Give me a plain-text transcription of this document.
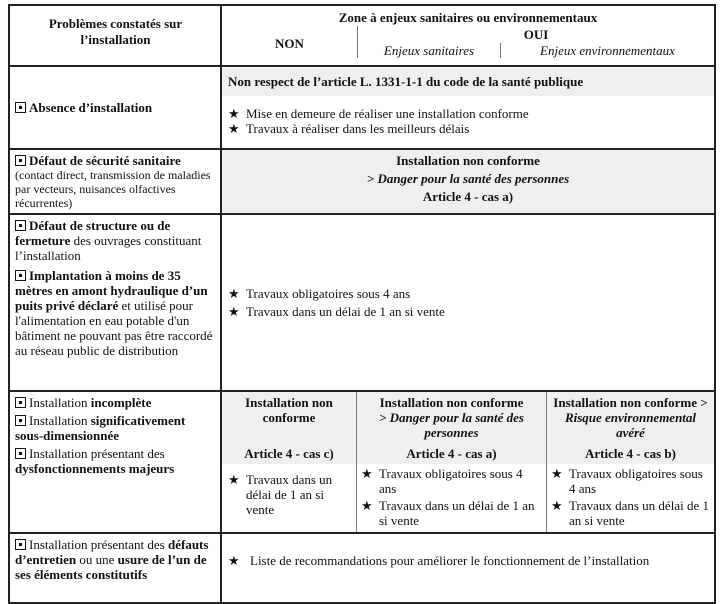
Problèmes constatés sur l’installation

Zone à enjeux sanitaires ou environnementaux

NON

OUI

Enjeux sanitaires	Enjeux environnementaux

Absence d’installation
Non respect de l’article L. 1331-1-1 du code de la santé publique

★ Mise en demeure de réaliser une installation conforme

★ Travaux à réaliser dans les meilleurs délais

Défaut de sécurité sanitaire

(contact direct, transmission de maladies par vecteurs, nuisances olfactives récurrentes)

Installation non conforme

> Danger pour la santé des personnes

Article 4 - cas a)

Défaut de structure ou de fermeture des ouvrages constituant l’installation

Implantation à moins de 35 mètres en amont hydraulique d’un puits privé déclaré et utilisé pour l'alimentation en eau potable d'un bâtiment ne pouvant pas être raccordé au réseau public de distribution

★ Travaux obligatoires sous 4 ans

★ Travaux dans un délai de 1 an si vente

Installation incomplète

Installation significativement sous-dimensionnée

Installation présentant des dysfonctionnements majeurs

Installation non conforme

Article 4 - cas c)

Installation non conforme

> Danger pour la santé des personnes

Article 4 - cas a)

Installation non conforme > Risque environnemental avéré

Article 4 - cas b)

★ Travaux dans un délai de 1 an si vente

★ Travaux obligatoires sous 4 ans

★ Travaux dans un délai de 1 an si vente

★ Travaux obligatoires sous 4 ans

★ Travaux dans un délai de 1 an si vente

Installation présentant des défauts d’entretien ou une usure de l’un de ses éléments constitutifs

★ Liste de recommandations pour améliorer le fonctionnement de l’installation
